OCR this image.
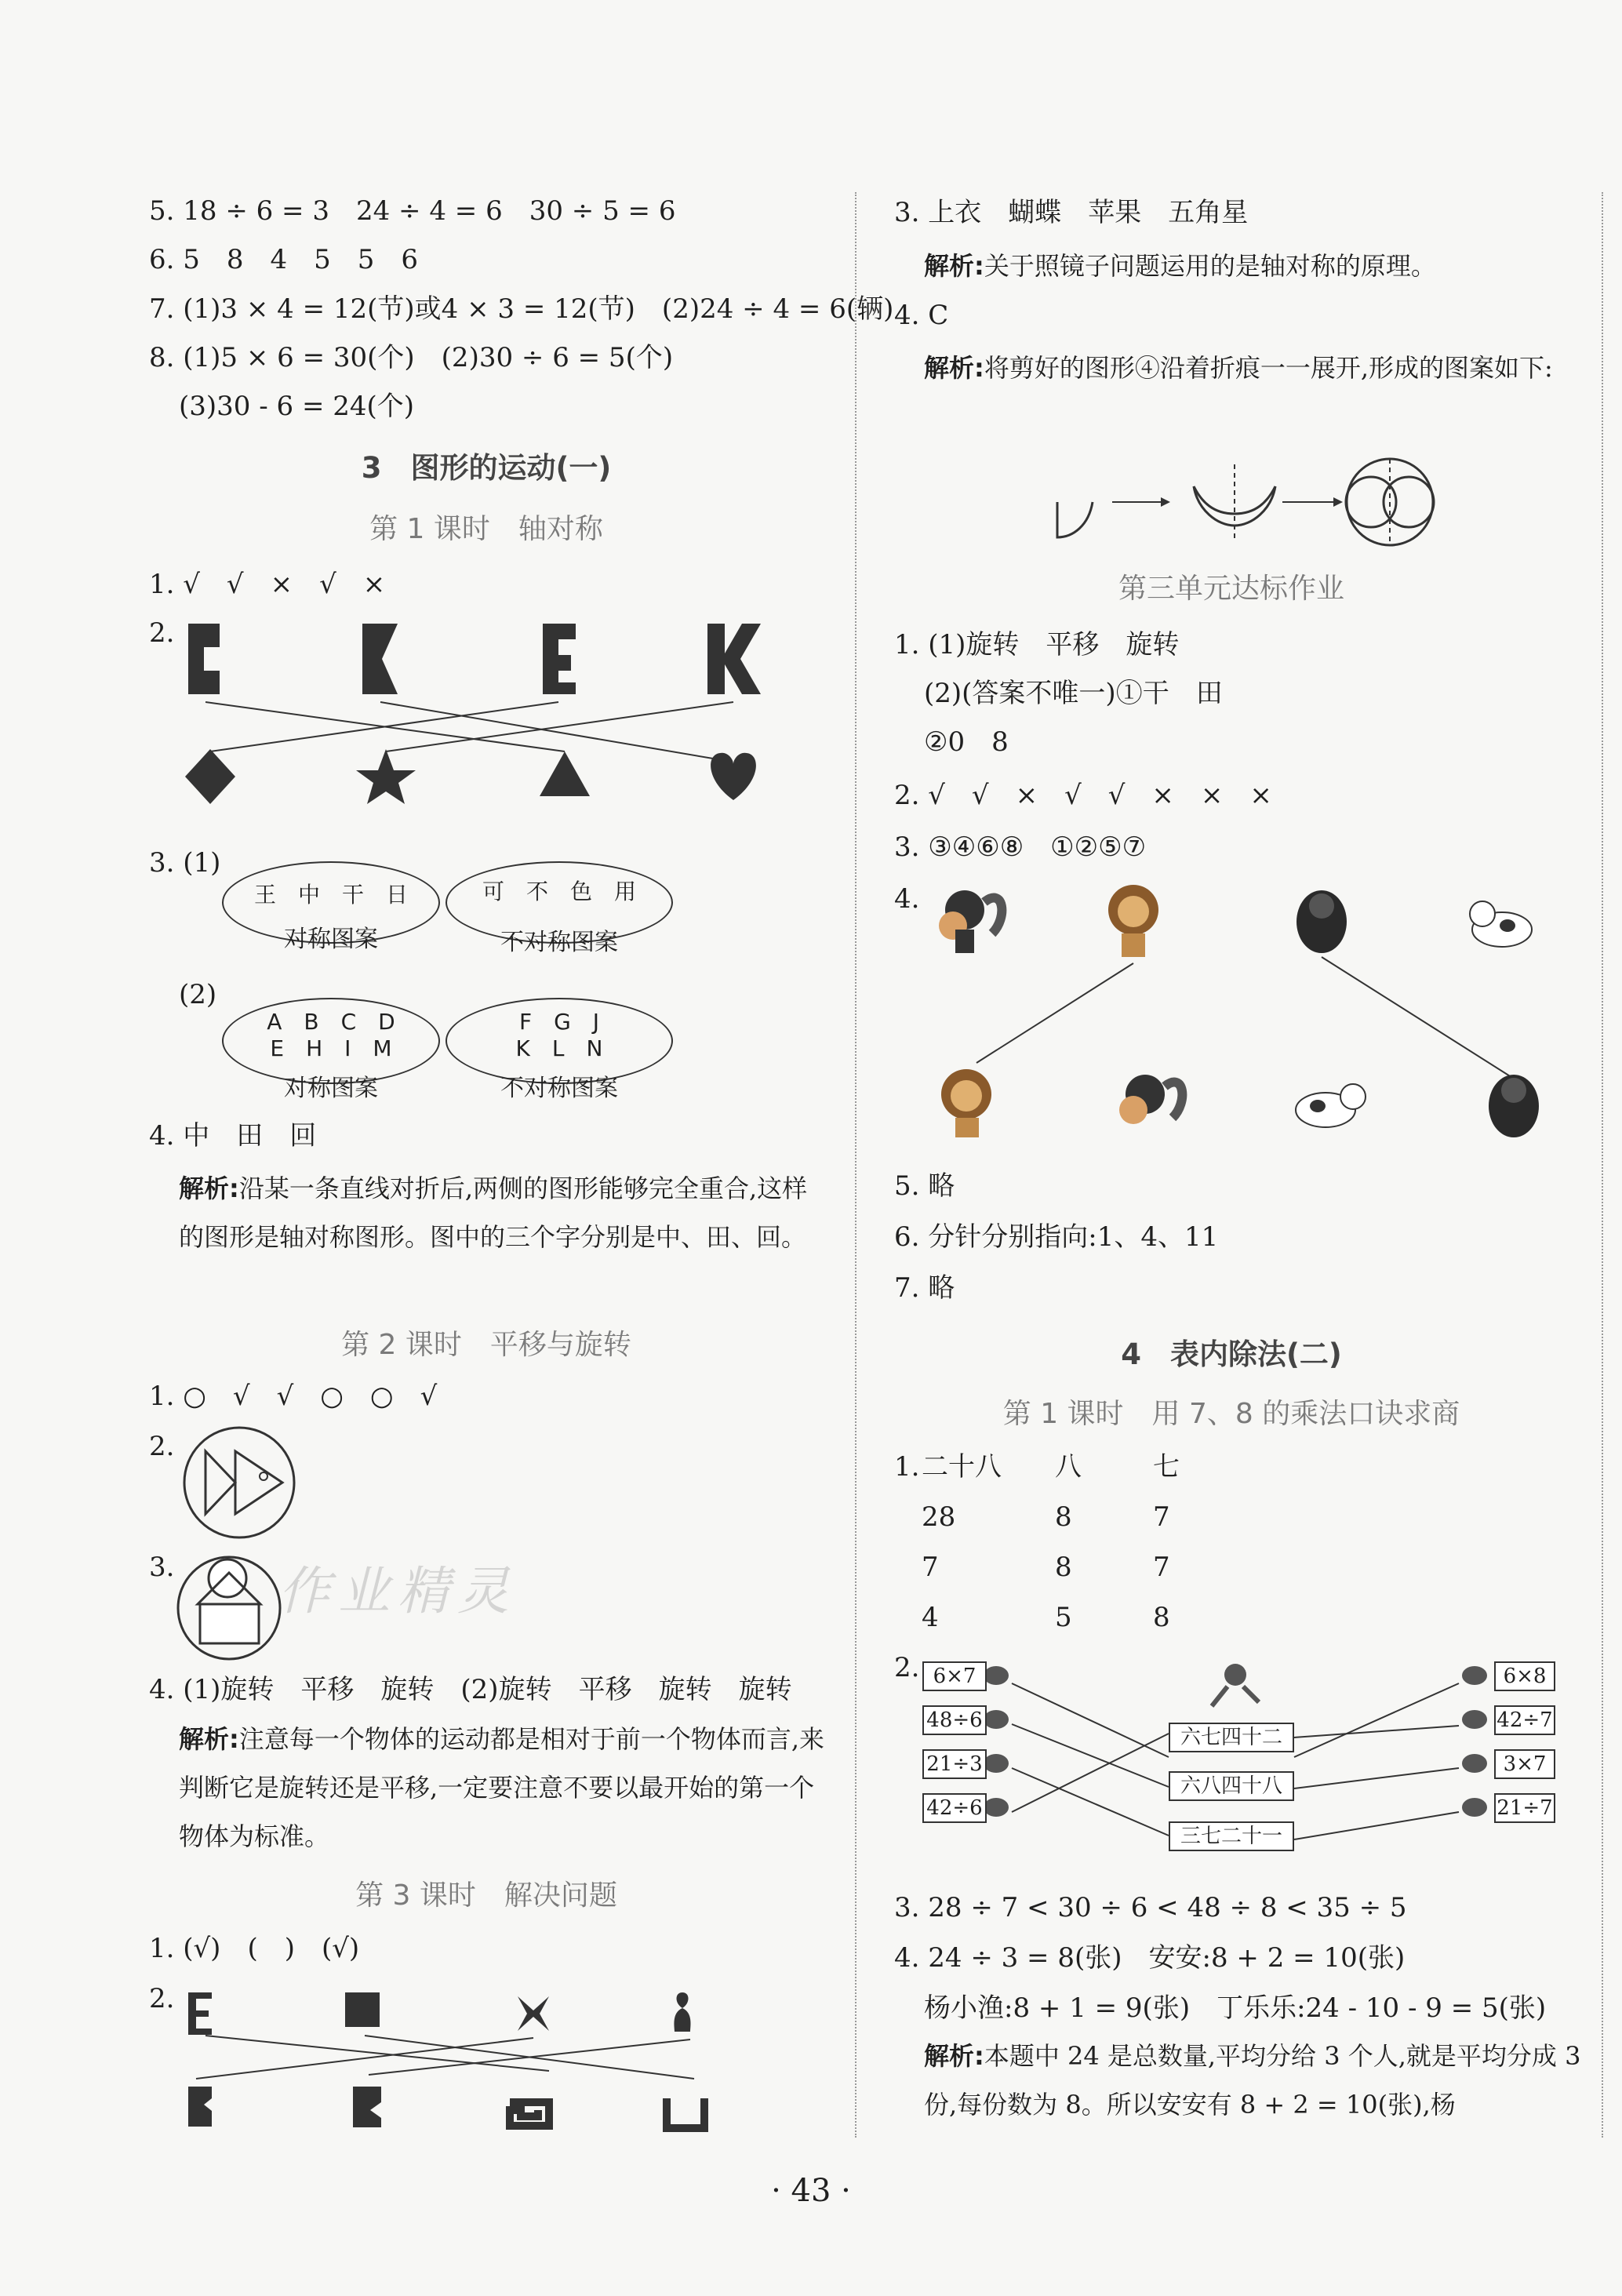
5. 18 ÷ 6 = 3　24 ÷ 4 = 6　30 ÷ 5 = 6
6. 5　8　4　5　5　6
7. (1)3 × 4 = 12(节)或4 × 3 = 12(节)　(2)24 ÷ 4 = 6(辆)
8. (1)5 × 6 = 30(个)　(2)30 ÷ 6 = 5(个)
(3)30 - 6 = 24(个)
3　图形的运动(一)
第 1 课时　轴对称
1. √　√　×　√　×
2.
3. (1)
王　中　干　日
对称图案
可　不　色　用
不对称图案
(2)
A　B　C　D
E　H　I　M
对称图案
F　G　J
K　L　N
不对称图案
4. 中　田　回
解析:沿某一条直线对折后,两侧的图形能够完全重合,这样的图形是轴对称图形。图中的三个字分别是中、田、回。
第 2 课时　平移与旋转
1. ○　√　√　○　○　√
2.
3. 作业精灵
4. (1)旋转　平移　旋转　(2)旋转　平移　旋转　旋转
解析:注意每一个物体的运动都是相对于前一个物体而言,来判断它是旋转还是平移,一定要注意不要以最开始的第一个物体为标准。
第 3 课时　解决问题
1. (√)　(　)　(√)
2.
3. 上衣　蝴蝶　苹果　五角星
解析:关于照镜子问题运用的是轴对称的原理。
4. C
解析:将剪好的图形④沿着折痕一一展开,形成的图案如下:
第三单元达标作业
1. (1)旋转　平移　旋转
(2)(答案不唯一)①干　田
②0　8
2. √　√　×　√　√　×　×　×
3. ③④⑥⑧　①②⑤⑦
4.
5. 略
6. 分针分别指向:1、4、11
7. 略
4　表内除法(二)
第 1 课时　用 7、8 的乘法口诀求商
1. 二十八 八	七
28	8	7
7	8	7
4	5	8
2. 6×7
48÷6
21÷3
42÷6
六七四十二
六八四十八
三七二十一
6×8
42÷7
3×7
21÷7
3. 28 ÷ 7 < 30 ÷ 6 < 48 ÷ 8 < 35 ÷ 5
4. 24 ÷ 3 = 8(张)　安安:8 + 2 = 10(张)
杨小渔:8 + 1 = 9(张)　丁乐乐:24 - 10 - 9 = 5(张)
解析:本题中 24 是总数量,平均分给 3 个人,就是平均分成 3 份,每份数为 8。所以安安有 8 + 2 = 10(张),杨
· 43 ·
